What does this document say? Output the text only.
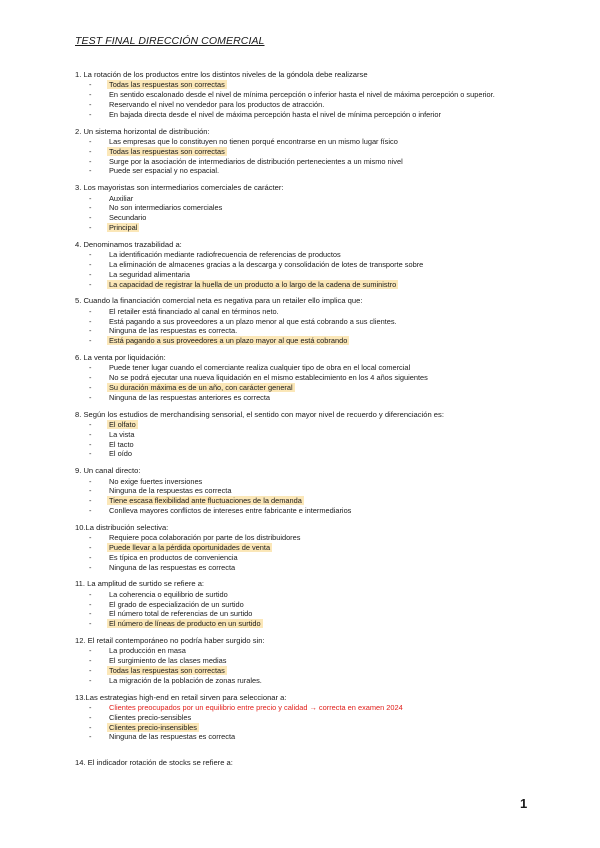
TEST FINAL DIRECCIÓN COMERCIAL
1. La rotación de los productos entre los distintos niveles de la góndola debe realizarse
- Todas las respuestas son correctas
- En sentido escalonado desde el nivel de mínima percepción o inferior hasta el nivel de máxima percepción o superior.
- Reservando el nivel no vendedor para los productos de atracción.
- En bajada directa desde el nivel de máxima percepción hasta el nivel de mínima percepción o inferior
2. Un sistema horizontal de distribución:
- Las empresas que lo constituyen no tienen porqué encontrarse en un mismo lugar físico
- Todas las respuestas son correctas
- Surge por la asociación de intermediarios de distribución pertenecientes a un mismo nivel
- Puede ser espacial y no espacial.
3. Los mayoristas son intermediarios comerciales de carácter:
- Auxiliar
- No son intermediarios comerciales
- Secundario
- Principal
4. Denominamos trazabilidad a:
- La identificación mediante radiofrecuencia de referencias de productos
- La eliminación de almacenes gracias a la descarga y consolidación de lotes de transporte sobre
- La seguridad alimentaria
- La capacidad de registrar la huella de un producto a lo largo de la cadena de suministro
5. Cuando la financiación comercial neta es negativa para un retailer ello implica que:
- El retailer está financiado al canal en términos neto.
- Está pagando a sus proveedores a un plazo menor al que está cobrando a sus clientes.
- Ninguna de las respuestas es correcta.
- Está pagando a sus proveedores a un plazo mayor al que está cobrando
6. La venta por liquidación:
- Puede tener lugar cuando el comerciante realiza cualquier tipo de obra en el local comercial
- No se podrá ejecutar una nueva liquidación en el mismo establecimiento en los 4 años siguientes
- Su duración máxima es de un año, con carácter general
- Ninguna de las respuestas anteriores es correcta
8. Según los estudios de merchandising sensorial, el sentido con mayor nivel de recuerdo y diferenciación es:
- El olfato
- La vista
- El tacto
- El oído
9. Un canal directo:
- No exige fuertes inversiones
- Ninguna de la respuestas es correcta
- Tiene escasa flexibilidad ante fluctuaciones de la demanda
- Conlleva mayores conflictos de intereses entre fabricante e intermediarios
10.La distribución selectiva:
- Requiere poca colaboración por parte de los distribuidores
- Puede llevar a la pérdida oportunidades de venta
- Es típica en productos de conveniencia
- Ninguna de las respuestas es correcta
11. La amplitud de surtido se refiere a:
- La coherencia o equilibrio de surtido
- El grado de especialización de un surtido
- El número total de referencias de un surtido
- El número de líneas de producto en un surtido
12. El retail contemporáneo no podría haber surgido sin:
- La producción en masa
- El surgimiento de las clases medias
- Todas las respuestas son correctas
- La migración de la población de zonas rurales.
13.Las estrategias high-end en retail sirven para seleccionar a:
- Clientes preocupados por un equilibrio entre precio y calidad → correcta en examen 2024
- Clientes precio-sensibles
- Clientes precio-insensibles
- Ninguna de las respuestas es correcta
14. El indicador rotación de stocks se refiere a:
1
